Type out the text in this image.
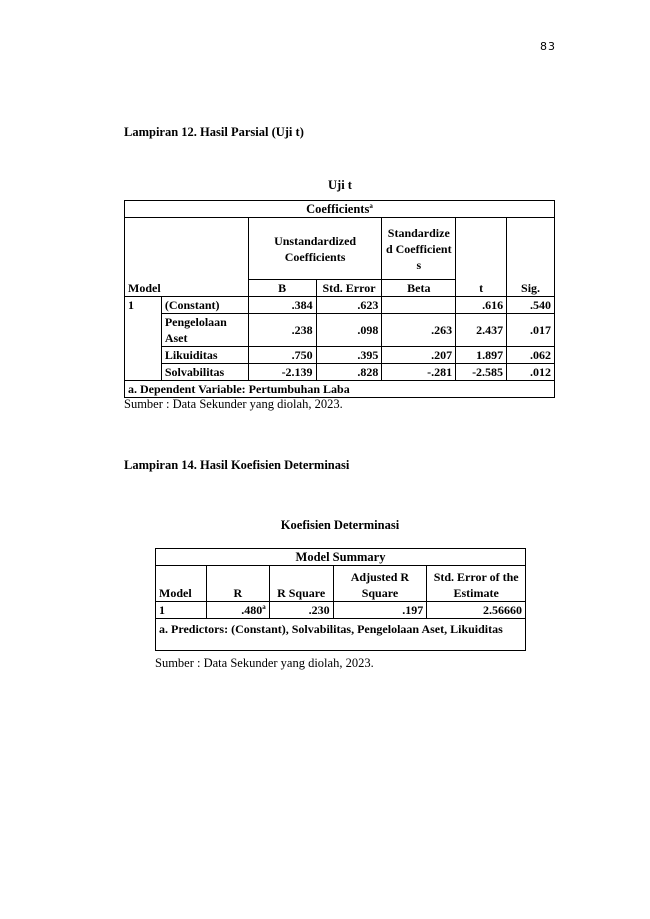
83
Lampiran 12. Hasil Parsial (Uji t)
Uji t
Coefficients$^a$
Model		Unstandardized Coefficients		Standardized Coefficients	t	Sig.
		B	Std. Error	Beta		
1	(Constant)	.384	.623		.616	.540
	Pengelolaan Aset	.238	.098	.263	2.437	.017
	Likuiditas	.750	.395	.207	1.897	.062
	Solvabilitas	-2.139	.828	-.281	-2.585	.012
a. Dependent Variable: Pertumbuhan Laba						
Sumber : Data Sekunder yang diolah, 2023.
Lampiran 14. Hasil Koefisien Determinasi
Koefisien Determinasi
Model Summary				
Model	R	R Square	Adjusted R Square	Std. Error of the Estimate
1	.480$^a$	.230	.197	2.56660
a. Predictors: (Constant), Solvabilitas, Pengelolaan Aset, Likuiditas				
Sumber : Data Sekunder yang diolah, 2023.
